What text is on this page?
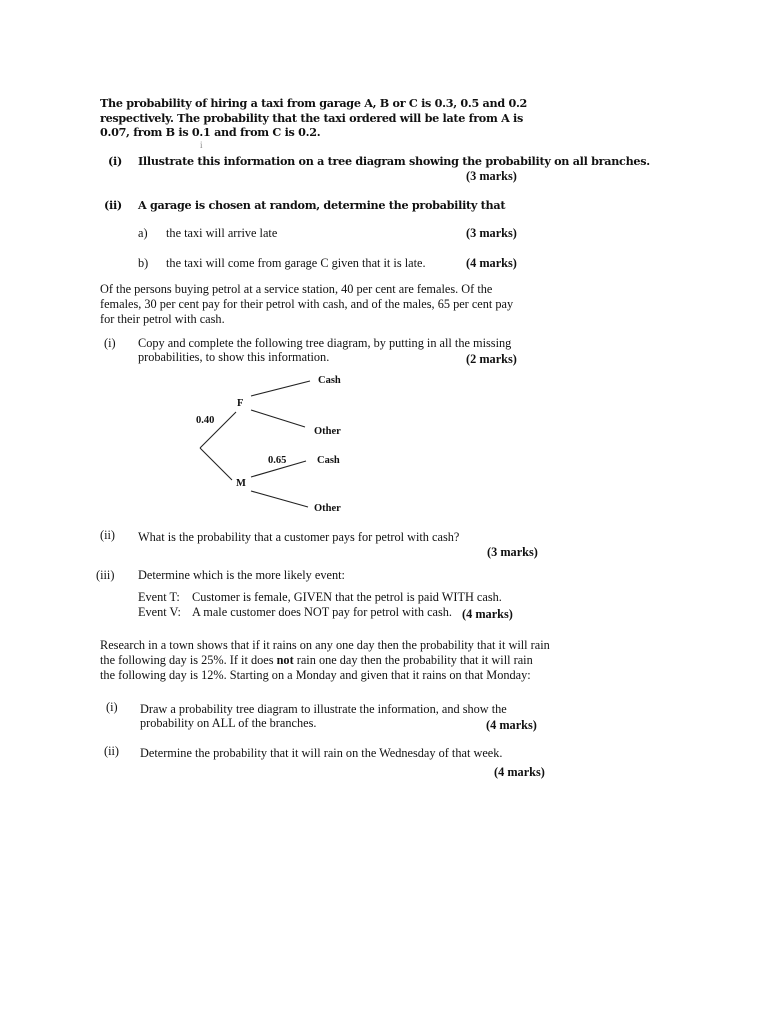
The probability of hiring a taxi from garage A, B or C is 0.3, 0.5 and 0.2 respectively. The probability that the taxi ordered will be late from A is 0.07, from B is 0.1 and from C is 0.2.
i
(i) Illustrate this information on a tree diagram showing the probability on all branches.
(3 marks)
(ii) A garage is chosen at random, determine the probability that
a) the taxi will arrive late	(3 marks)
b) the taxi will come from garage C given that it is late.	(4 marks)
Of the persons buying petrol at a service station, 40 per cent are females. Of the females, 30 per cent pay for their petrol with cash, and of the males, 65 per cent pay for their petrol with cash.
(i) Copy and complete the following tree diagram, by putting in all the missing
probabilities, to show this information.	(2 marks)
0.40
F
M
0.65
Cash
Other
Cash
Other
(ii) What is the probability that a customer pays for petrol with cash?
(3 marks)
(iii) Determine which is the more likely event:
Event T: Customer is female, GIVEN that the petrol is paid WITH cash.
Event V: A male customer does NOT pay for petrol with cash. (4 marks)
Research in a town shows that if it rains on any one day then the probability that it will rain
the following day is 25%. If it does not rain one day then the probability that it will rain
the following day is 12%. Starting on a Monday and given that it rains on that Monday:
(i) Draw a probability tree diagram to illustrate the information, and show the
probability on ALL of the branches.	(4 marks)
(ii) Determine the probability that it will rain on the Wednesday of that week.
(4 marks)
